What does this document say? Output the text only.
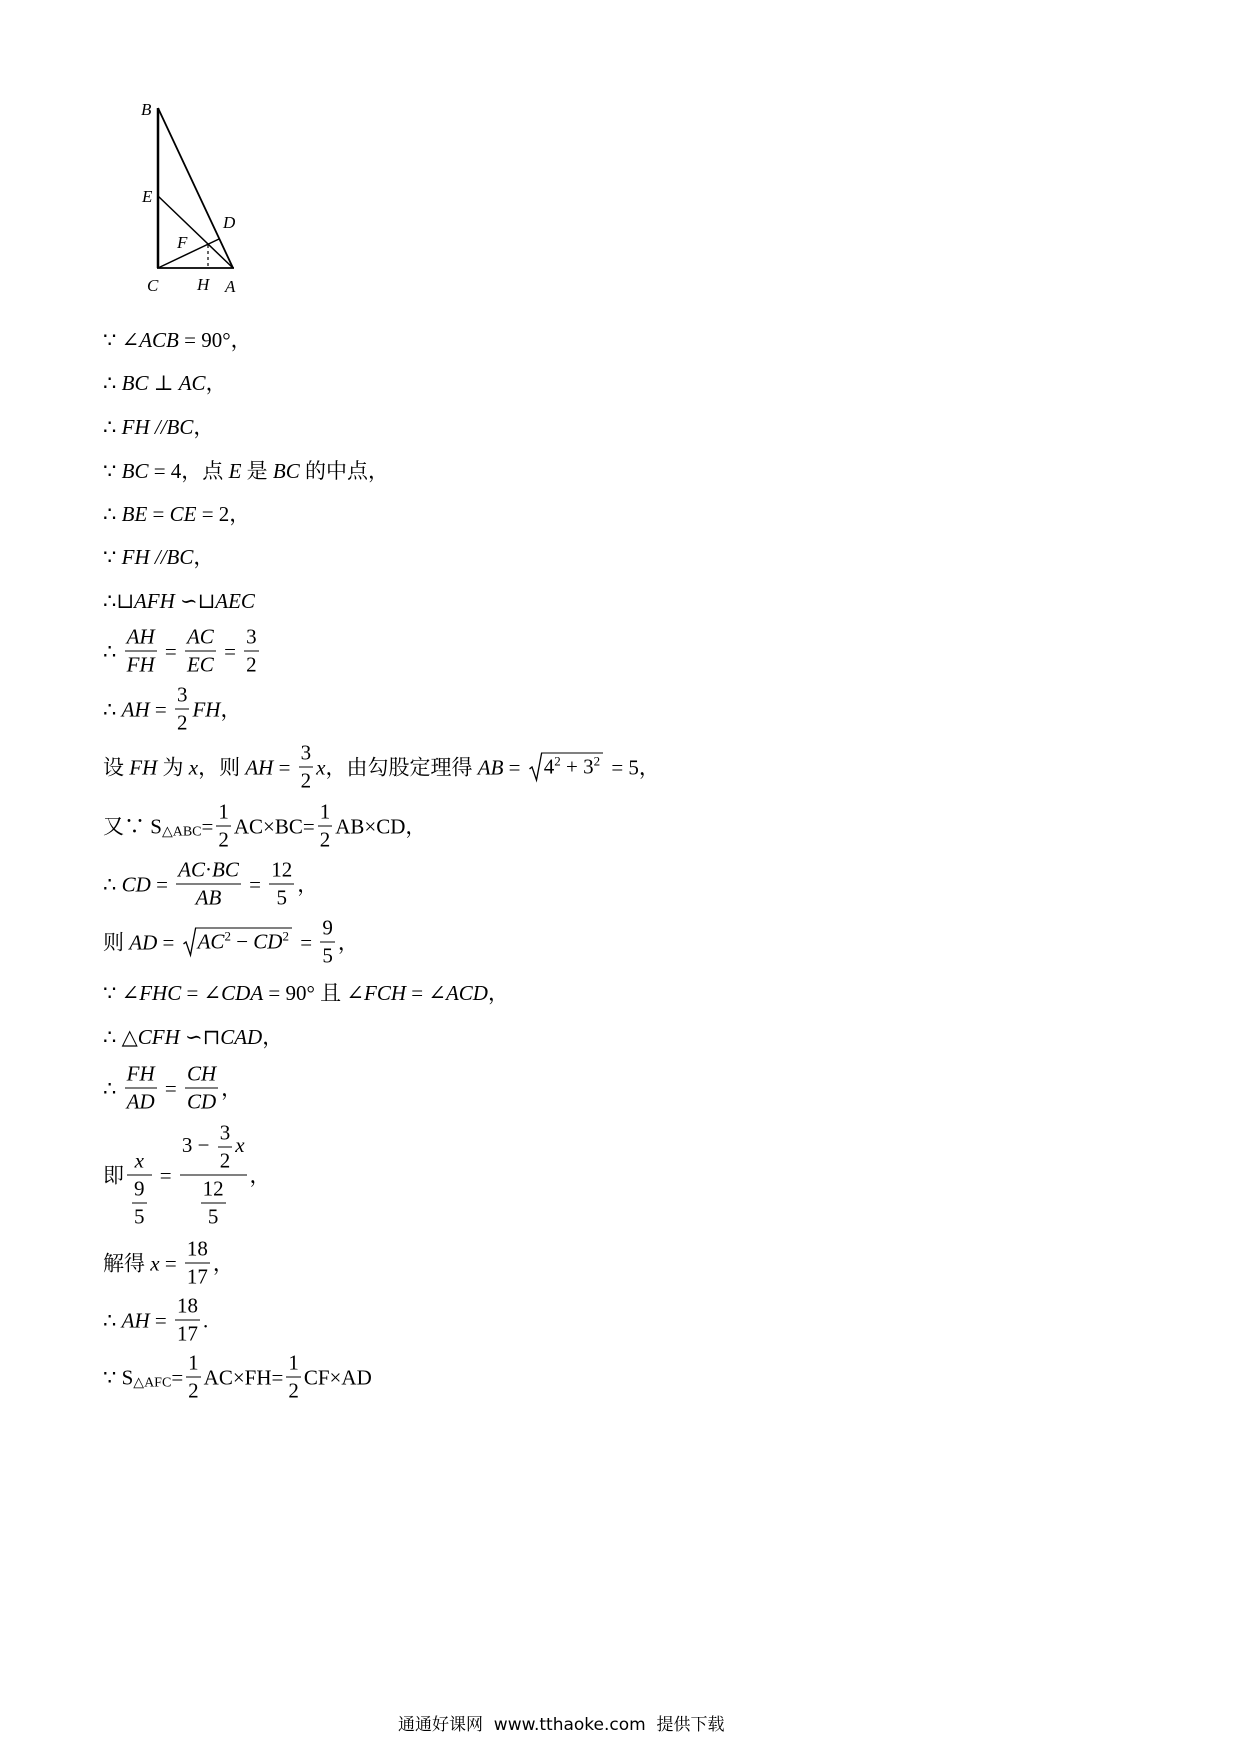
B
E
D
F
C H A
∵ ∠ ACB = 90°，
∴ BC ⊥ AC ，
∴ FH //BC ，
∵ BC = 4，点 E 是 BC 的中点，
∴ BE = CE = 2，
∵ FH //BC ，
∴⊔ AFH ∽⊔ AEC
∴ $\frac{AH}{FH} = \frac{AC}{EC} = \frac{3}{2}$
∴ AH = $\frac{3}{2}$ FH ，
设 FH 为 x ，则 AH = $\frac{3}{2}$ x ，由勾股定理得 AB = $4^2 + 3^2 = 5$，
又∵ S △ABC = $\frac{1}{2} AC\times BC= \frac{1}{2} AB\times CD$，
∴ CD = $\frac{AC\cdot BC}{AB} = \frac{12}{5}$ ，
则 AD = $AC^2 - CD^2 = \frac{9}{5}$ ，
∵ ∠ FHC = ∠ CDA = 90° 且 ∠ FCH = ∠ ACD ，
∴ △ CFH ∽⊓ CAD ，
∴ $\frac{FH}{AD} = \frac{CH}{CD}$ ，
即 $\frac{x}{\frac{9}{5}} = \frac{3 - \frac{3}{2} x}{\frac{12}{5}}$ ，
解得 $x = \frac{18}{17}$ ，
∴ AH = $\frac{18}{17}$ .
∵ S △AFC = $\frac{1}{2} AC\times FH= \frac{1}{2} CF\times AD$
通通好课网  www.tthaoke.com  提供下载
